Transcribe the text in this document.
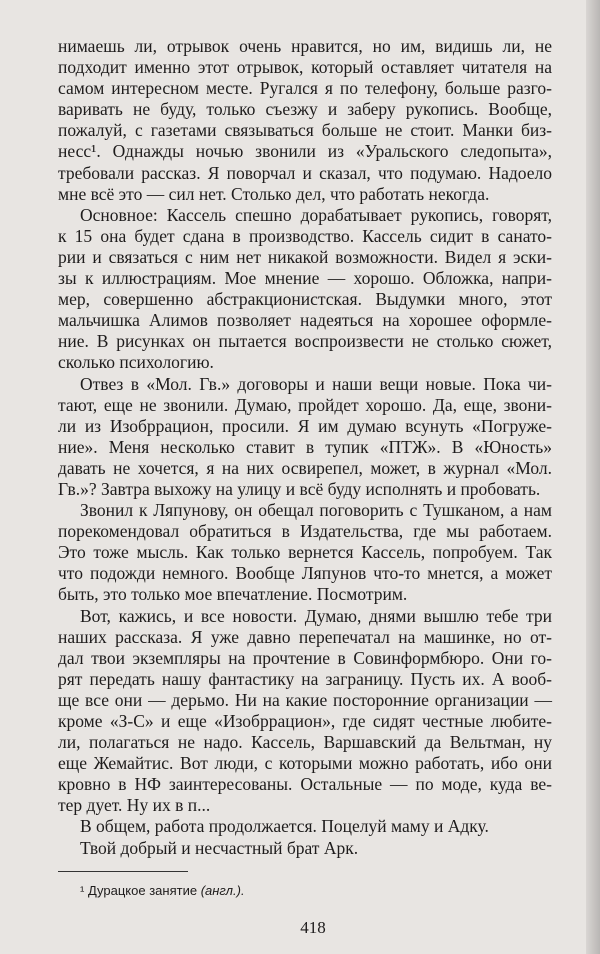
нимаешь ли, отрывок очень нравится, но им, видишь ли, не
подходит именно этот отрывок, который оставляет читателя на
самом интересном месте. Ругался я по телефону, больше разго-
варивать не буду, только съезжу и заберу рукопись. Вообще,
пожалуй, с газетами связываться больше не стоит. Манки биз-
несс¹. Однажды ночью звонили из «Уральского следопыта»,
требовали рассказ. Я поворчал и сказал, что подумаю. Надоело
мне всё это — сил нет. Столько дел, что работать некогда.
Основное: Кассель спешно дорабатывает рукопись, говорят,
к 15 она будет сдана в производство. Кассель сидит в санато-
рии и связаться с ним нет никакой возможности. Видел я эски-
зы к иллюстрациям. Мое мнение — хорошо. Обложка, напри-
мер, совершенно абстракционистская. Выдумки много, этот
мальчишка Алимов позволяет надеяться на хорошее оформле-
ние. В рисунках он пытается воспроизвести не столько сюжет,
сколько психологию.
Отвез в «Мол. Гв.» договоры и наши вещи новые. Пока чи-
тают, еще не звонили. Думаю, пройдет хорошо. Да, еще, звони-
ли из Изобррацион, просили. Я им думаю всунуть «Погруже-
ние». Меня несколько ставит в тупик «ПТЖ». В «Юность»
давать не хочется, я на них освирепел, может, в журнал «Мол.
Гв.»? Завтра выхожу на улицу и всё буду исполнять и пробовать.
Звонил к Ляпунову, он обещал поговорить с Тушканом, а нам
порекомендовал обратиться в Издательства, где мы работаем.
Это тоже мысль. Как только вернется Кассель, попробуем. Так
что подожди немного. Вообще Ляпунов что-то мнется, а может
быть, это только мое впечатление. Посмотрим.
Вот, кажись, и все новости. Думаю, днями вышлю тебе три
наших рассказа. Я уже давно перепечатал на машинке, но от-
дал твои экземпляры на прочтение в Совинформбюро. Они го-
рят передать нашу фантастику на заграницу. Пусть их. А вооб-
ще все они — дерьмо. Ни на какие посторонние организации —
кроме «З-С» и еще «Изобррацион», где сидят честные любите-
ли, полагаться не надо. Кассель, Варшавский да Вельтман, ну
еще Жемайтис. Вот люди, с которыми можно работать, ибо они
кровно в НФ заинтересованы. Остальные — по моде, куда ве-
тер дует. Ну их в п...
В общем, работа продолжается. Поцелуй маму и Адку.
Твой добрый и несчастный брат Арк.
¹ Дурацкое занятие (англ.).
418
